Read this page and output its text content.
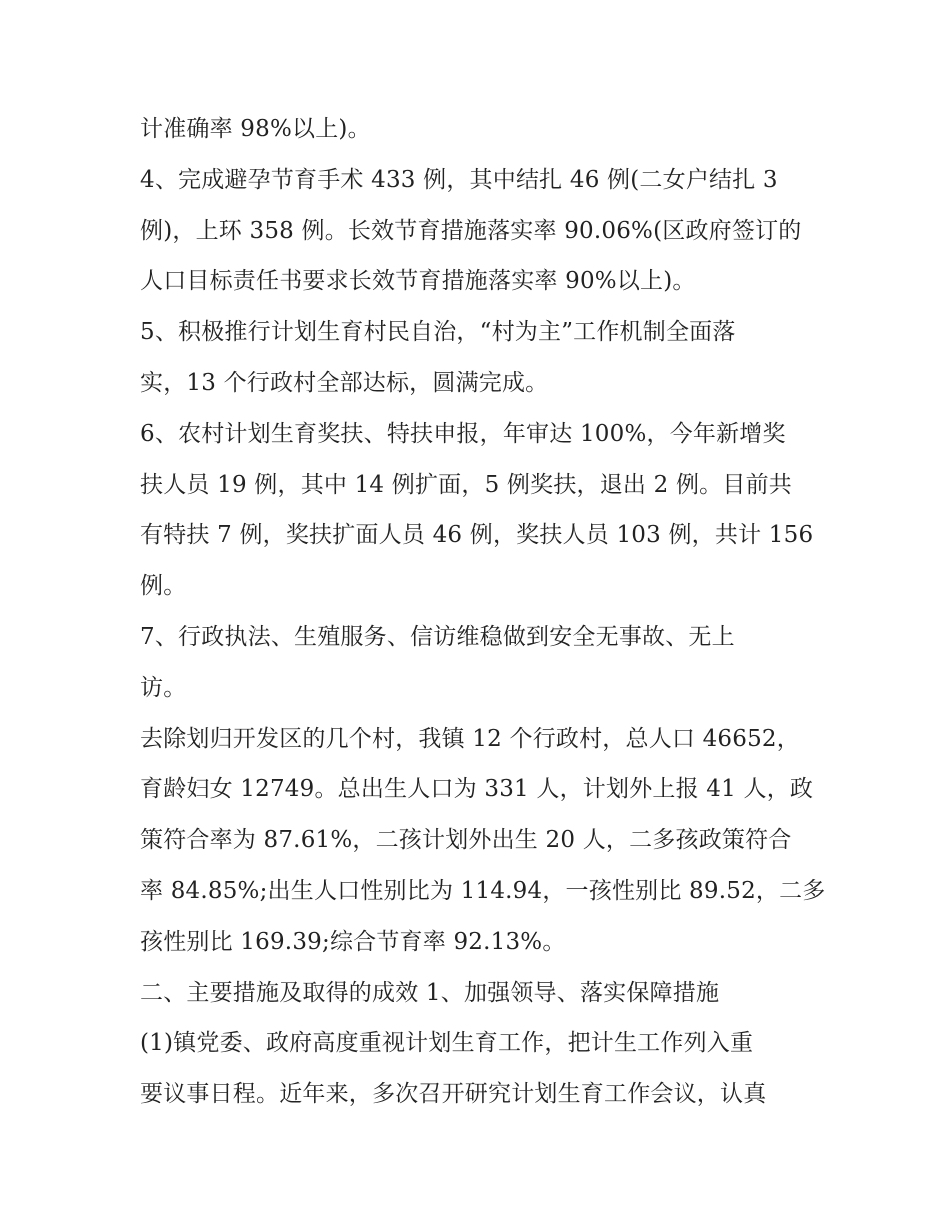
计准确率 98%以上)。
4、完成避孕节育手术 433 例，其中结扎 46 例(二女户结扎 3
例)，上环 358 例。长效节育措施落实率 90.06%(区政府签订的
人口目标责任书要求长效节育措施落实率 90%以上)。
5、积极推行计划生育村民自治，“村为主”工作机制全面落
实，13 个行政村全部达标，圆满完成。
6、农村计划生育奖扶、特扶申报，年审达 100%，今年新增奖
扶人员 19 例，其中 14 例扩面，5 例奖扶，退出 2 例。目前共
有特扶 7 例，奖扶扩面人员 46 例，奖扶人员 103 例，共计 156
例。
7、行政执法、生殖服务、信访维稳做到安全无事故、无上
访。
去除划归开发区的几个村，我镇 12 个行政村，总人口 46652，
育龄妇女 12749。总出生人口为 331 人，计划外上报 41 人，政
策符合率为 87.61%，二孩计划外出生 20 人，二多孩政策符合
率 84.85%;出生人口性别比为 114.94，一孩性别比 89.52，二多
孩性别比 169.39;综合节育率 92.13%。
二、主要措施及取得的成效 1、加强领导、落实保障措施
(1)镇党委、政府高度重视计划生育工作，把计生工作列入重
要议事日程。近年来，多次召开研究计划生育工作会议，认真
